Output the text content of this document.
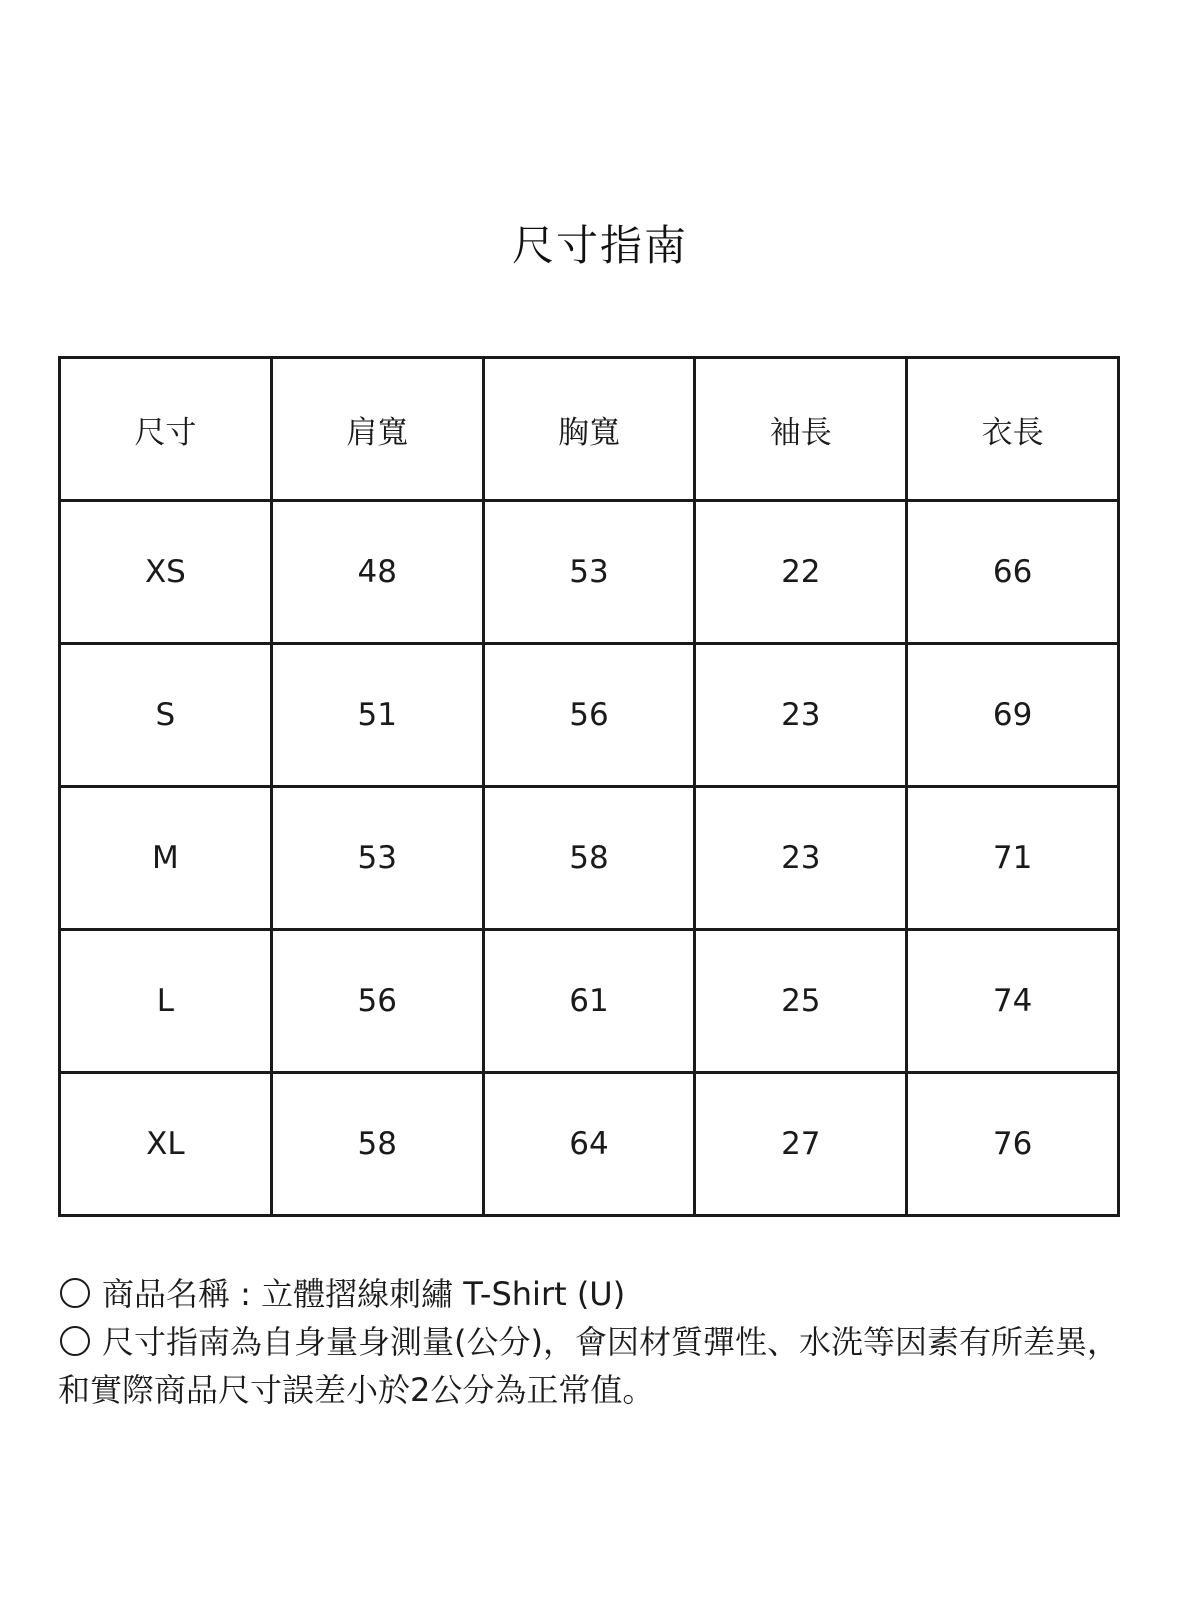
尺寸指南
尺寸	肩寬	胸寬	袖長	衣長
XS	48	53	22	66
S	51	56	23	69
M	53	58	23	71
L	56	61	25	74
XL	58	64	27	76

商品名稱 : 立體摺線刺繡 T-Shirt (U)

尺寸指南為自身量身測量(公分)，會因材質彈性、水洗等因素有所差異，和實際商品尺寸誤差小於2公分為正常值。
